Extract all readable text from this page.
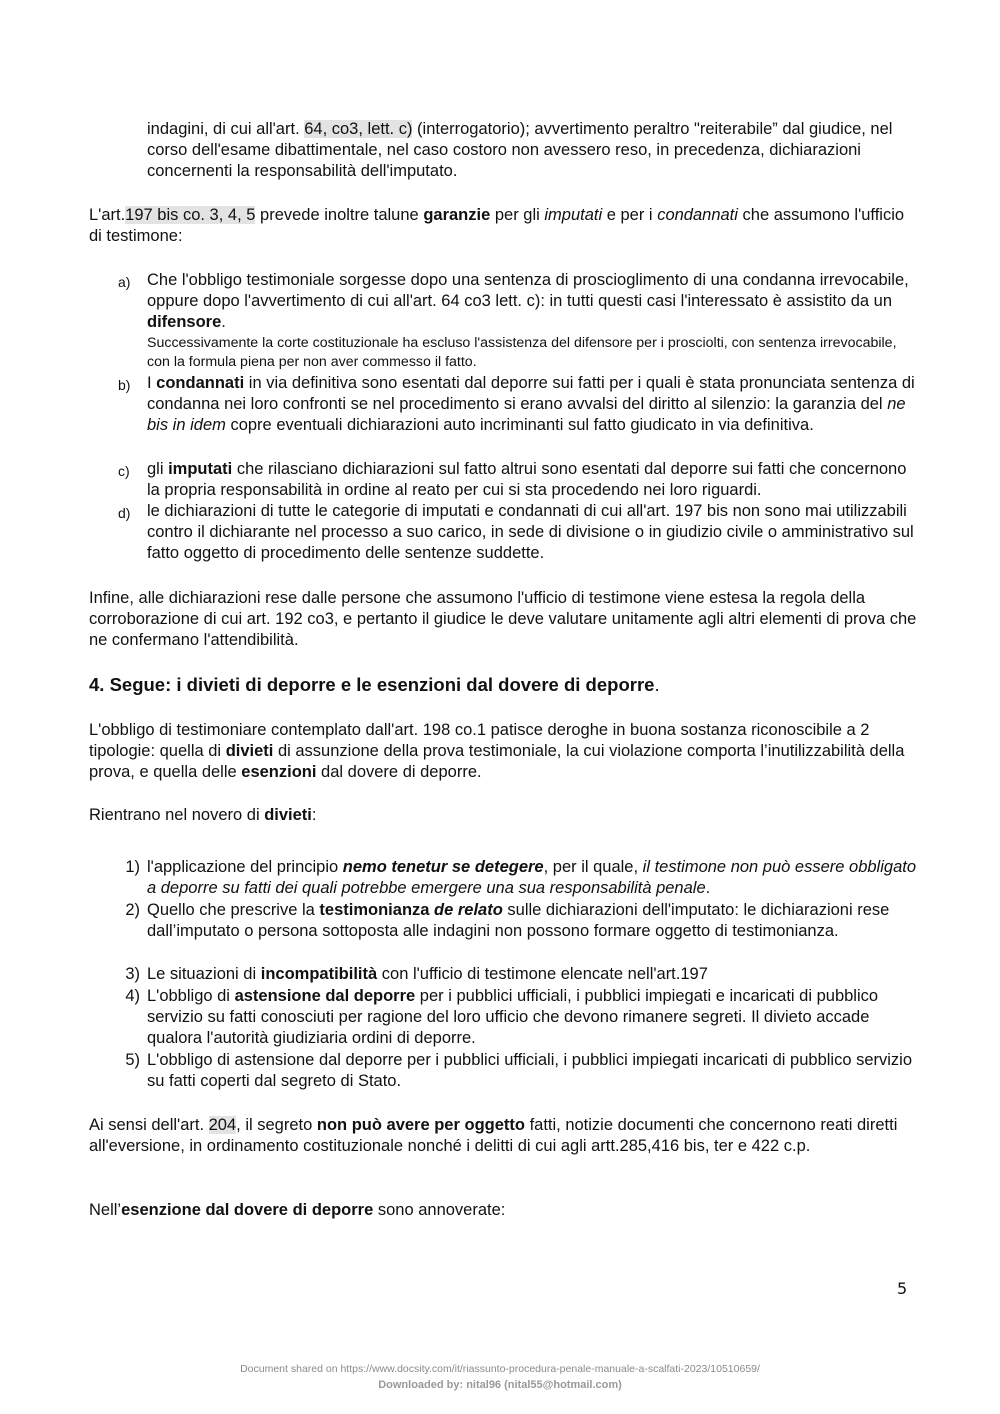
indagini, di cui all'art. 64, co3, lett. c) (interrogatorio); avvertimento peraltro "reiterabile” dal giudice, nel corso dell'esame dibattimentale, nel caso costoro non avessero reso, in precedenza, dichiarazioni concernenti la responsabilità dell'imputato.
L'art.197 bis co. 3, 4, 5 prevede inoltre talune garanzie per gli imputati e per i condannati che assumono l'ufficio di testimone:
a) Che l'obbligo testimoniale sorgesse dopo una sentenza di proscioglimento di una condanna irrevocabile, oppure dopo l'avvertimento di cui all'art. 64 co3 lett. c): in tutti questi casi l'interessato è assistito da un difensore.
Successivamente la corte costituzionale ha escluso l'assistenza del difensore per i prosciolti, con sentenza irrevocabile, con la formula piena per non aver commesso il fatto.
b) I condannati in via definitiva sono esentati dal deporre sui fatti per i quali è stata pronunciata sentenza di condanna nei loro confronti se nel procedimento si erano avvalsi del diritto al silenzio: la garanzia del ne bis in idem copre eventuali dichiarazioni auto incriminanti sul fatto giudicato in via definitiva.
c) gli imputati che rilasciano dichiarazioni sul fatto altrui sono esentati dal deporre sui fatti che concernono la propria responsabilità in ordine al reato per cui si sta procedendo nei loro riguardi.
d) le dichiarazioni di tutte le categorie di imputati e condannati di cui all'art. 197 bis non sono mai utilizzabili contro il dichiarante nel processo a suo carico, in sede di divisione o in giudizio civile o amministrativo sul fatto oggetto di procedimento delle sentenze suddette.
Infine, alle dichiarazioni rese dalle persone che assumono l'ufficio di testimone viene estesa la regola della corroborazione di cui art. 192 co3, e pertanto il giudice le deve valutare unitamente agli altri elementi di prova che ne confermano l'attendibilità.
4. Segue: i divieti di deporre e le esenzioni dal dovere di deporre.
L'obbligo di testimoniare contemplato dall'art. 198 co.1 patisce deroghe in buona sostanza riconoscibile a 2 tipologie: quella di divieti di assunzione della prova testimoniale, la cui violazione comporta l’inutilizzabilità della prova, e quella delle esenzioni dal dovere di deporre.
Rientrano nel novero di divieti:
1) l'applicazione del principio nemo tenetur se detegere, per il quale, il testimone non può essere obbligato a deporre su fatti dei quali potrebbe emergere una sua responsabilità penale.
2) Quello che prescrive la testimonianza de relato sulle dichiarazioni dell'imputato: le dichiarazioni rese dall’imputato o persona sottoposta alle indagini non possono formare oggetto di testimonianza.
3) Le situazioni di incompatibilità con l'ufficio di testimone elencate nell'art.197
4) L'obbligo di astensione dal deporre per i pubblici ufficiali, i pubblici impiegati e incaricati di pubblico servizio su fatti conosciuti per ragione del loro ufficio che devono rimanere segreti. Il divieto accade qualora l'autorità giudiziaria ordini di deporre.
5) L'obbligo di astensione dal deporre per i pubblici ufficiali, i pubblici impiegati incaricati di pubblico servizio su fatti coperti dal segreto di Stato.
Ai sensi dell'art. 204, il segreto non può avere per oggetto fatti, notizie documenti che concernono reati diretti all'eversione, in ordinamento costituzionale nonché i delitti di cui agli artt.285,416 bis, ter e 422 c.p.
Nell’esenzione dal dovere di deporre sono annoverate:
5
Document shared on https://www.docsity.com/it/riassunto-procedura-penale-manuale-a-scalfati-2023/10510659/
Downloaded by: nital96 (nital55@hotmail.com)
